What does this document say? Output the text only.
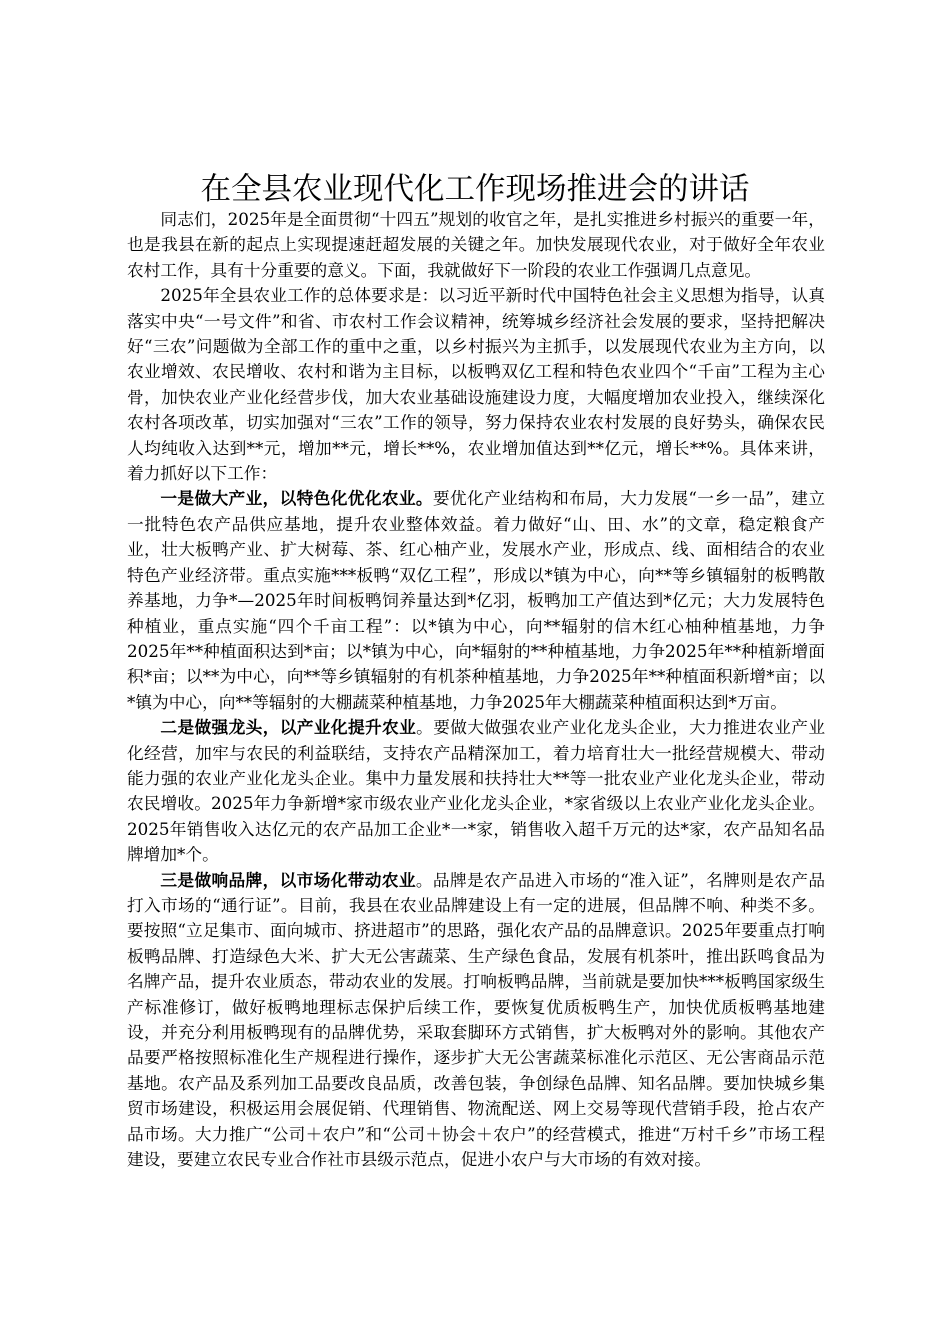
在全县农业现代化工作现场推进会的讲话

同志们，2025年是全面贯彻“十四五”规划的收官之年，是扎实推进乡村振兴的重要一年，也是我县在新的起点上实现提速赶超发展的关键之年。加快发展现代农业，对于做好全年农业农村工作，具有十分重要的意义。下面，我就做好下一阶段的农业工作强调几点意见。

2025年全县农业工作的总体要求是：以习近平新时代中国特色社会主义思想为指导，认真落实中央“一号文件”和省、市农村工作会议精神，统筹城乡经济社会发展的要求，坚持把解决好“三农”问题做为全部工作的重中之重，以乡村振兴为主抓手，以发展现代农业为主方向，以农业增效、农民增收、农村和谐为主目标，以板鸭双亿工程和特色农业四个“千亩”工程为主心骨，加快农业产业化经营步伐，加大农业基础设施建设力度，大幅度增加农业投入，继续深化农村各项改革，切实加强对“三农”工作的领导，努力保持农业农村发展的良好势头，确保农民人均纯收入达到**元，增加**元，增长**%，农业增加值达到**亿元，增长**%。具体来讲，着力抓好以下工作：

一是做大产业，以特色化优化农业。要优化产业结构和布局，大力发展“一乡一品”，建立一批特色农产品供应基地，提升农业整体效益。着力做好“山、田、水”的文章，稳定粮食产业，壮大板鸭产业、扩大树莓、茶、红心柚产业，发展水产业，形成点、线、面相结合的农业特色产业经济带。重点实施***板鸭“双亿工程”，形成以*镇为中心，向**等乡镇辐射的板鸭散养基地，力争*—2025年时间板鸭饲养量达到*亿羽，板鸭加工产值达到*亿元；大力发展特色种植业，重点实施“四个千亩工程”：以*镇为中心，向**辐射的信木红心柚种植基地，力争2025年**种植面积达到*亩；以*镇为中心，向*辐射的**种植基地，力争2025年**种植新增面积*亩；以**为中心，向**等乡镇辐射的有机茶种植基地，力争2025年**种植面积新增*亩；以*镇为中心，向**等辐射的大棚蔬菜种植基地，力争2025年大棚蔬菜种植面积达到*万亩。

二是做强龙头，以产业化提升农业。要做大做强农业产业化龙头企业，大力推进农业产业化经营，加牢与农民的利益联结，支持农产品精深加工，着力培育壮大一批经营规模大、带动能力强的农业产业化龙头企业。集中力量发展和扶持壮大**等一批农业产业化龙头企业，带动农民增收。2025年力争新增*家市级农业产业化龙头企业，*家省级以上农业产业化龙头企业。2025年销售收入达亿元的农产品加工企业*一*家，销售收入超千万元的达*家，农产品知名品牌增加*个。

三是做响品牌，以市场化带动农业。品牌是农产品进入市场的“准入证”，名牌则是农产品打入市场的“通行证”。目前，我县在农业品牌建设上有一定的进展，但品牌不响、种类不多。要按照“立足集市、面向城市、挤进超市”的思路，强化农产品的品牌意识。2025年要重点打响板鸭品牌、打造绿色大米、扩大无公害蔬菜、生产绿色食品，发展有机茶叶，推出跃鸣食品为名牌产品，提升农业质态，带动农业的发展。打响板鸭品牌，当前就是要加快***板鸭国家级生产标准修订，做好板鸭地理标志保护后续工作，要恢复优质板鸭生产，加快优质板鸭基地建设，并充分利用板鸭现有的品牌优势，采取套脚环方式销售，扩大板鸭对外的影响。其他农产品要严格按照标准化生产规程进行操作，逐步扩大无公害蔬菜标准化示范区、无公害商品示范基地。农产品及系列加工品要改良品质，改善包装，争创绿色品牌、知名品牌。要加快城乡集贸市场建设，积极运用会展促销、代理销售、物流配送、网上交易等现代营销手段，抢占农产品市场。大力推广“公司＋农户”和“公司＋协会＋农户”的经营模式，推进“万村千乡”市场工程建设，要建立农民专业合作社市县级示范点，促进小农户与大市场的有效对接。
